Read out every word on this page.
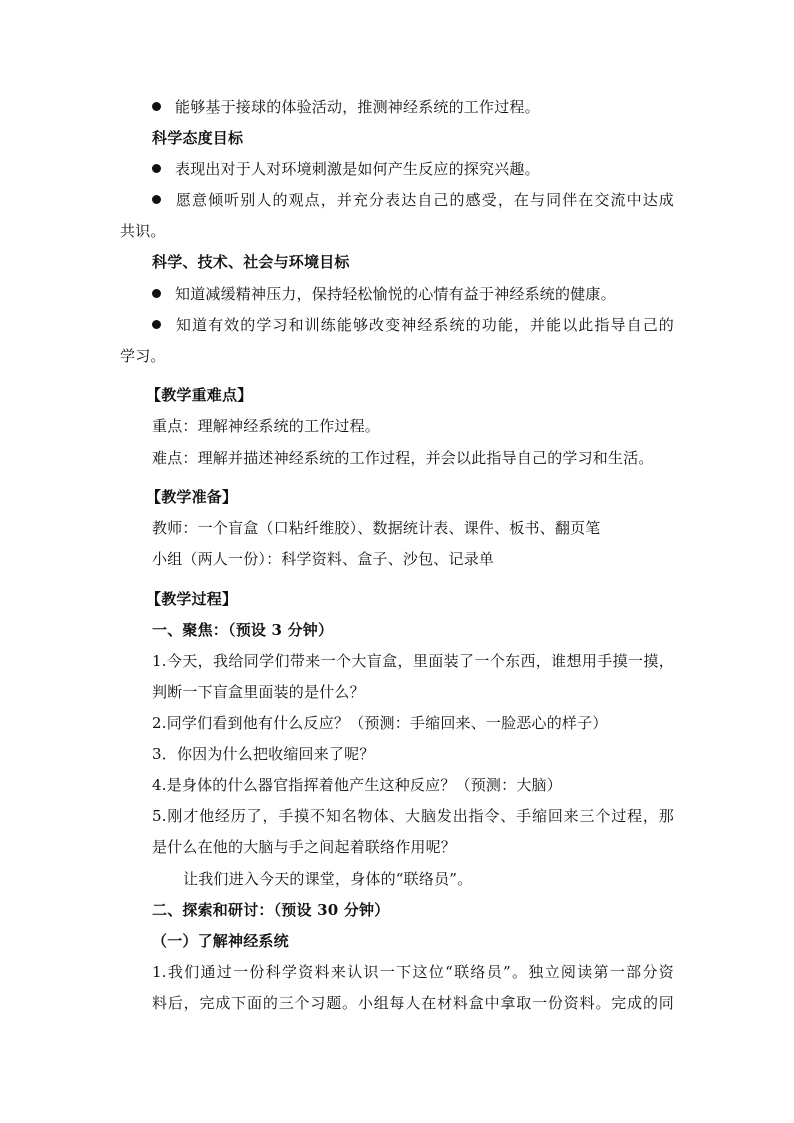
能够基于接球的体验活动，推测神经系统的工作过程。
科学态度目标
表现出对于人对环境刺激是如何产生反应的探究兴趣。
愿意倾听别人的观点，并充分表达自己的感受，在与同伴在交流中达成
共识。
科学、技术、社会与环境目标
知道减缓精神压力，保持轻松愉悦的心情有益于神经系统的健康。
知道有效的学习和训练能够改变神经系统的功能，并能以此指导自己的
学习。
【教学重难点】
重点：理解神经系统的工作过程。
难点：理解并描述神经系统的工作过程，并会以此指导自己的学习和生活。
【教学准备】
教师：一个盲盒（口粘纤维胶）、数据统计表、课件、板书、翻页笔
小组（两人一份）：科学资料、盒子、沙包、记录单
【教学过程】
一、聚焦：（预设 3 分钟）
1.今天，我给同学们带来一个大盲盒，里面装了一个东西，谁想用手摸一摸，
判断一下盲盒里面装的是什么？
2.同学们看到他有什么反应？（预测：手缩回来、一脸恶心的样子）
3．你因为什么把收缩回来了呢？
4.是身体的什么器官指挥着他产生这种反应？（预测：大脑）
5.刚才他经历了，手摸不知名物体、大脑发出指令、手缩回来三个过程，那
是什么在他的大脑与手之间起着联络作用呢？
让我们进入今天的课堂，身体的“联络员”。
二、探索和研讨：（预设 30 分钟）
（一）了解神经系统
1.我们通过一份科学资料来认识一下这位“联络员”。独立阅读第一部分资
料后，完成下面的三个习题。小组每人在材料盒中拿取一份资料。完成的同
